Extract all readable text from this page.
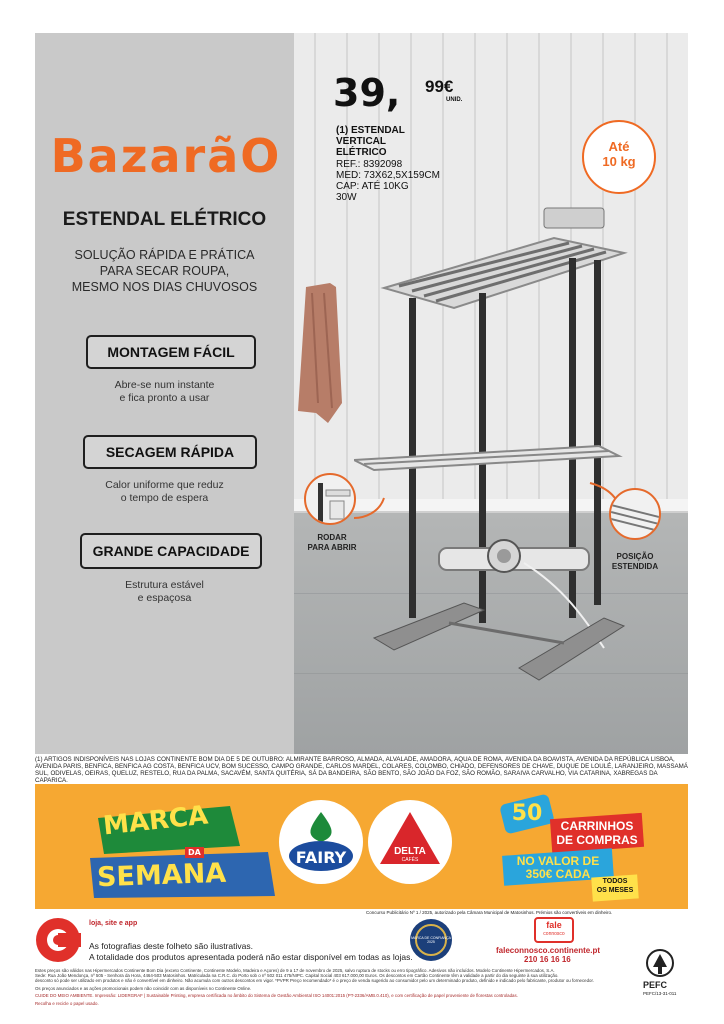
BazarãO
ESTENDAL ELÉTRICO
SOLUÇÃO RÁPIDA E PRÁTICA
PARA SECAR ROUPA,
MESMO NOS DIAS CHUVOSOS
MONTAGEM FÁCIL
Abre-se num instante
e fica pronto a usar
SECAGEM RÁPIDA
Calor uniforme que reduz
o tempo de espera
GRANDE CAPACIDADE
Estrutura estável
e espaçosa
39, 99€
UNID.
(1) ESTENDAL
VERTICAL
ELÉTRICO
REF.: 8392098
MED: 73X62,5X159CM
CAP: ATÉ 10KG
30W
Até
10 kg
RODAR
PARA ABRIR
POSIÇÃO
ESTENDIDA
(1) ARTIGOS INDISPONÍVEIS NAS LOJAS CONTINENTE BOM DIA DE 5 DE OUTUBRO: ALMIRANTE BARROSO, ALMADA, ALVALADE, AMADORA, AQUA DE ROMA, AVENIDA DA BOAVISTA, AVENIDA DA REPÚBLICA LISBOA, AVENIDA PARIS, BENFICA, BENFICA AG COSTA, BENFICA UCV, BOM SUCESSO, CAMPO GRANDE, CARLOS MARDEL, COLARES, COLOMBO, CHIADO, DEFENSORES DE CHAVE, DUQUE DE LOULÉ, LARANJEIRO, MASSAMÁ SUL, ODIVELAS, OEIRAS, QUELUZ, RESTELO, RUA DA PALMA, SACAVÉM, SANTA QUITÉRIA, SÁ DA BANDEIRA, SÃO BENTO, SÃO JOÃO DA FOZ, SÃO ROMÃO, SARAIVA CARVALHO, VIA CATARINA, XABREGAS DA CAPARICA.
MARCA
DA
SEMANA
FAIRY	DELTA
CAFÉS
50	CARRINHOS
DE COMPRAS
NO VALOR DE
350€ CADA
TODOS
OS MESES
Concurso Publicitário Nº 1 / 2025, autorizado pela Câmara Municipal de Matosinhos. Prémios são convertíveis em dinheiro.
loja, site e app
As fotografias deste folheto são ilustrativas.
A totalidade dos produtos apresentada poderá não estar disponível em todas as lojas.
MARCA DE CONFIANÇA 2025
fale
connosco
faleconnosco.continente.pt
210 16 16 16
PEFC
PEFC/13-31-011
Estes preços são válidos nas Hipermercados Continente Bom Dia (exceto Continente, Continente Modelo, Madeira e Açores) de 9 a 17 de novembro de 2025, salvo ruptura de stocks ou erro tipográfico. Adesivos não incluídos. Modelo Continente Hipermercados, S.A.
Sede: Rua João Mendonça, nº 505 - Senhora da Hora, 4464-503 Matosinhos. Matriculada na C.R.C. do Porto sob o nº 502 011 475/NIPC. Capital Social 403 617.000,00 Euros. Os descontos em Cartão Continente têm a validade a partir do dia seguinte à sua utilização.
desconto só pode ser utilizado em produtos e não é convertível em dinheiro. Não acumula com outros descontos em vigor. *PVPR Preço recomendado* é o preço de venda sugerido ao consumidor pelo um determinado produto, definido e indicado pelo fabricante, produtor ou fornecedor.
Os preços anunciados e as ações promocionais podem não coincidir com as disponíveis no Continente Online.
CUIDE DO MEIO AMBIENTE. Impressão: LIDERGRAF | Sustainable Printing, empresa certificada no âmbito do Sistema de Gestão Ambiental ISO 14001:2015 (PT-2336/AMB.0.410), e com certificação de papel proveniente de florestas controladas.
Recolha e recicle o papel usado.
